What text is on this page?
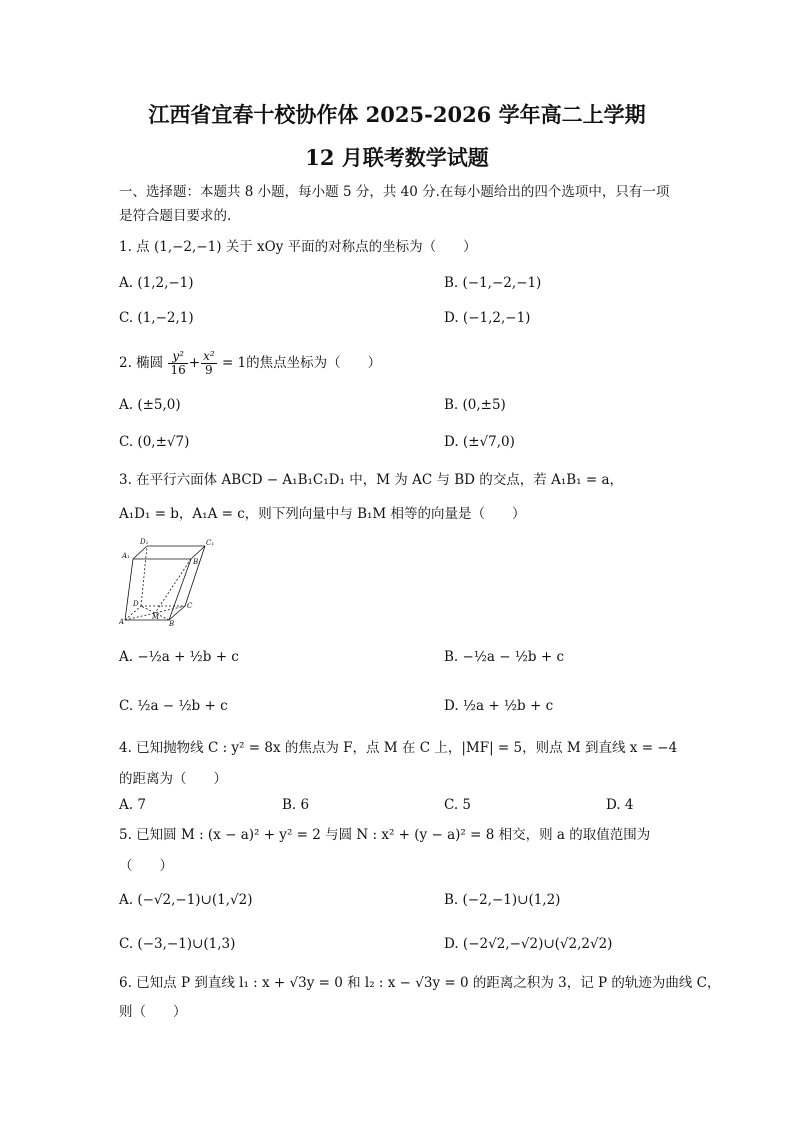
江西省宜春十校协作体 2025-2026 学年高二上学期
12 月联考数学试题
一、选择题：本题共 8 小题，每小题 5 分，共 40 分.在每小题给出的四个选项中，只有一项
是符合题目要求的.
1. 点 (1,−2,−1) 关于 xOy 平面的对称点的坐标为（　　）
A. (1,2,−1)	B. (−1,−2,−1)
C. (1,−2,1)	D. (−1,2,−1)
2. 椭圆 $\frac{\text{y²}}{16} + \frac{\text{x²}}{9} = 1$的焦点坐标为（　　）
A. (±5,0)	B. (0,±5)
C. (0,±√7)	D. (±√7,0)
3. 在平行六面体 ABCD − A₁B₁C₁D₁ 中，M 为 AC 与 BD 的交点，若 A₁B₁ = a，
A₁D₁ = b，A₁A = c，则下列向量中与 B₁M 相等的向量是（　　）
D₁	C₁
A₁
B₁
D	C
A
M
B
A. −½a + ½b + c	B. −½a − ½b + c
C. ½a − ½b + c	D. ½a + ½b + c
4. 已知抛物线 C : y² = 8x 的焦点为 F，点 M 在 C 上，|MF| = 5，则点 M 到直线 x = −4
的距离为（　　）
A. 7	B. 6	C. 5	D. 4
5. 已知圆 M : (x − a)² + y² = 2 与圆 N : x² + (y − a)² = 8 相交，则 a 的取值范围为
（　　）
A. (−√2,−1)∪(1,√2)	B. (−2,−1)∪(1,2)
C. (−3,−1)∪(1,3)	D. (−2√2,−√2)∪(√2,2√2)
6. 已知点 P 到直线 l₁ : x + √3y = 0 和 l₂ : x − √3y = 0 的距离之积为 3，记 P 的轨迹为曲线 C，
则（　　）
